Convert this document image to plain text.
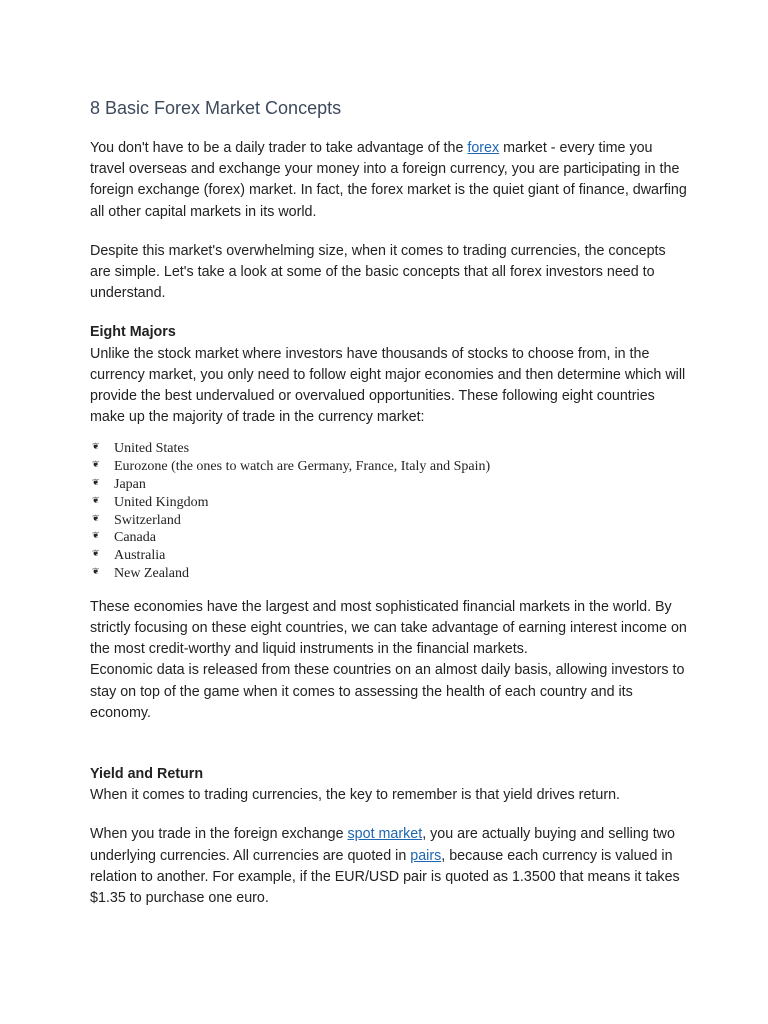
8 Basic Forex Market Concepts

You don't have to be a daily trader to take advantage of the forex market - every time you travel overseas and exchange your money into a foreign currency, you are participating in the foreign exchange (forex) market. In fact, the forex market is the quiet giant of finance, dwarfing all other capital markets in its world.

Despite this market's overwhelming size, when it comes to trading currencies, the concepts are simple. Let's take a look at some of the basic concepts that all forex investors need to understand.

Eight Majors

Unlike the stock market where investors have thousands of stocks to choose from, in the currency market, you only need to follow eight major economies and then determine which will provide the best undervalued or overvalued opportunities. These following eight countries make up the majority of trade in the currency market:

❦ United States
❦ Eurozone (the ones to watch are Germany, France, Italy and Spain)
❦ Japan
❦ United Kingdom
❦ Switzerland
❦ Canada
❦ Australia
❦ New Zealand

These economies have the largest and most sophisticated financial markets in the world. By strictly focusing on these eight countries, we can take advantage of earning interest income on the most credit-worthy and liquid instruments in the financial markets.

Economic data is released from these countries on an almost daily basis, allowing investors to stay on top of the game when it comes to assessing the health of each country and its economy.

Yield and Return

When it comes to trading currencies, the key to remember is that yield drives return.

When you trade in the foreign exchange spot market, you are actually buying and selling two underlying currencies. All currencies are quoted in pairs, because each currency is valued in relation to another. For example, if the EUR/USD pair is quoted as 1.3500 that means it takes $1.35 to purchase one euro.
